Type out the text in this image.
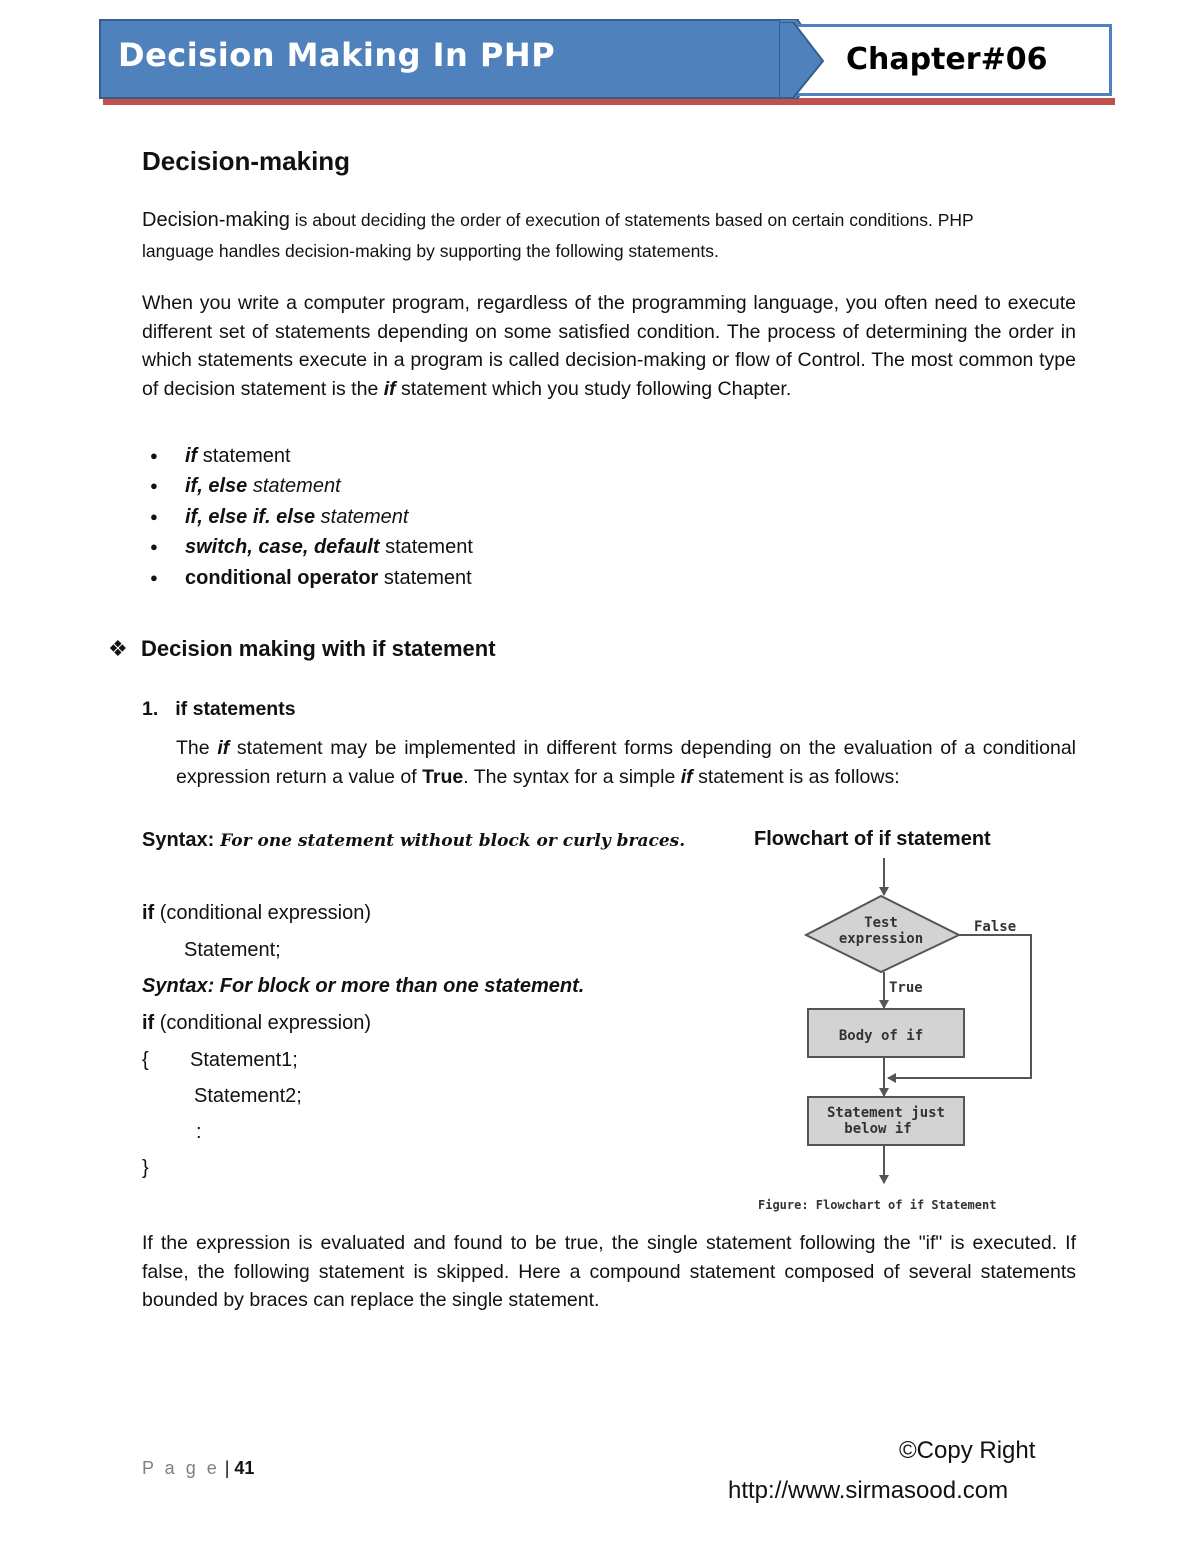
Decision Making In PHP	Chapter#06
Decision-making
Decision-making is about deciding the order of execution of statements based on certain conditions. PHP
language handles decision-making by supporting the following statements.
When you write a computer program, regardless of the programming language, you often need to execute different set of statements depending on some satisfied condition. The process of determining the order in which statements execute in a program is called decision-making or flow of Control. The most common type of decision statement is the if statement which you study following Chapter.
● if statement
● if, else statement
● if, else if. else statement
● switch, case, default statement
● conditional operator statement
❖ Decision making with if statement
1. if statements
The if statement may be implemented in different forms depending on the evaluation of a conditional expression return a value of True. The syntax for a simple if statement is as follows:
Syntax: For one statement without block or curly braces.
if (conditional expression)
Statement;
Syntax: For block or more than one statement.
if (conditional expression)
{ Statement1;
Statement2;
:
}
Flowchart of if statement
Test
expression
False
True
Body of if
Statement just
below if
Figure: Flowchart of if Statement
If the expression is evaluated and found to be true, the single statement following the "if" is executed. If false, the following statement is skipped. Here a compound statement composed of several statements bounded by braces can replace the single statement.
P a g e | 41
©Copy Right
http://www.sirmasood.com
